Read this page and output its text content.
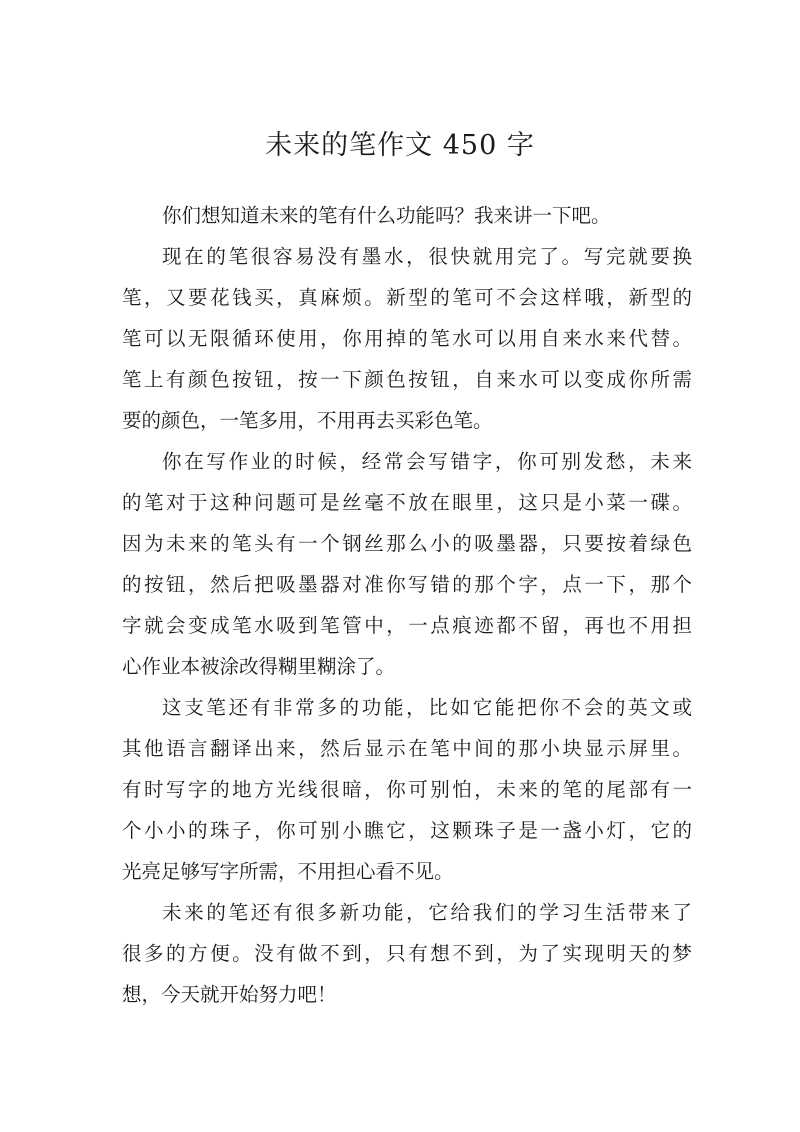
未来的笔作文 450 字
你们想知道未来的笔有什么功能吗？我来讲一下吧。
现在的笔很容易没有墨水，很快就用完了。写完就要换
笔，又要花钱买，真麻烦。新型的笔可不会这样哦，新型的
笔可以无限循环使用，你用掉的笔水可以用自来水来代替。
笔上有颜色按钮，按一下颜色按钮，自来水可以变成你所需
要的颜色，一笔多用，不用再去买彩色笔。
你在写作业的时候，经常会写错字，你可别发愁，未来
的笔对于这种问题可是丝毫不放在眼里，这只是小菜一碟。
因为未来的笔头有一个钢丝那么小的吸墨器，只要按着绿色
的按钮，然后把吸墨器对准你写错的那个字，点一下，那个
字就会变成笔水吸到笔管中，一点痕迹都不留，再也不用担
心作业本被涂改得糊里糊涂了。
这支笔还有非常多的功能，比如它能把你不会的英文或
其他语言翻译出来，然后显示在笔中间的那小块显示屏里。
有时写字的地方光线很暗，你可别怕，未来的笔的尾部有一
个小小的珠子，你可别小瞧它，这颗珠子是一盏小灯，它的
光亮足够写字所需，不用担心看不见。
未来的笔还有很多新功能，它给我们的学习生活带来了
很多的方便。没有做不到，只有想不到，为了实现明天的梦
想，今天就开始努力吧！
